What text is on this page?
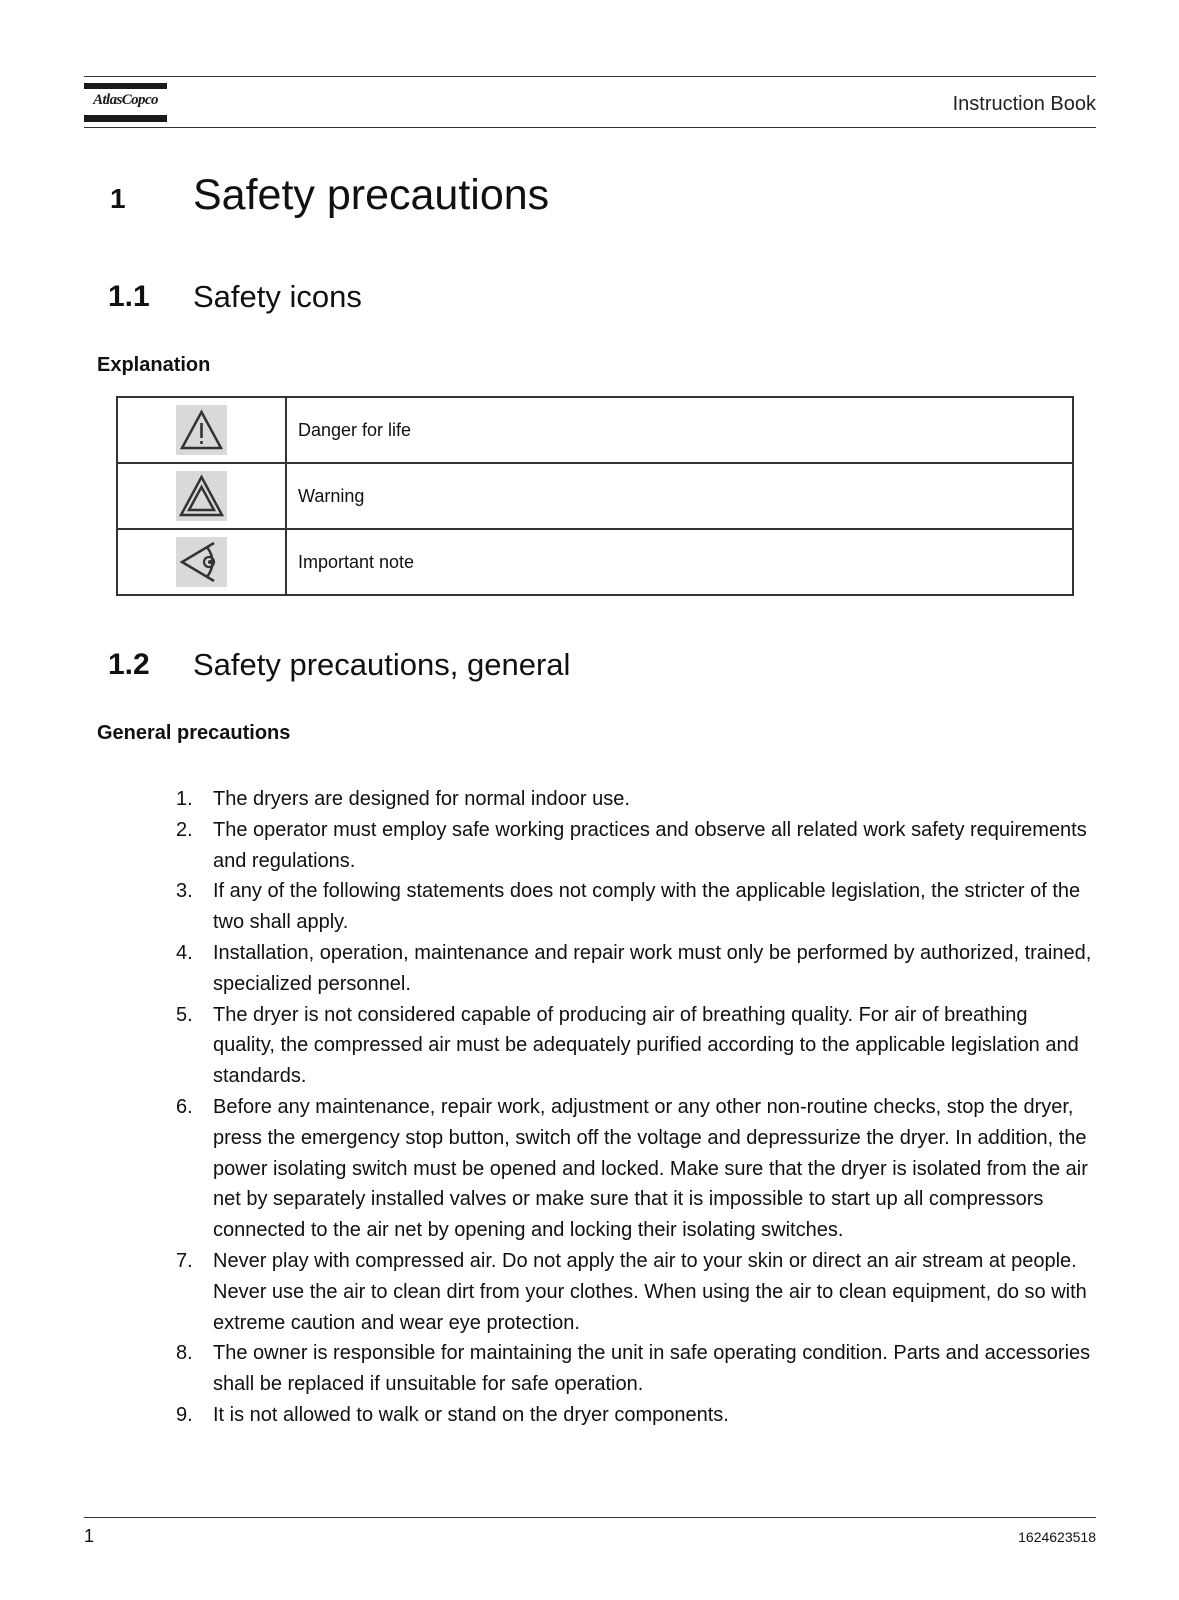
AtlasCopco	Instruction Book
1 Safety precautions
1.1 Safety icons
Explanation
	Danger for life

	Warning

	Important note
1.2 Safety precautions, general
General precautions
1. The dryers are designed for normal indoor use.
2. The operator must employ safe working practices and observe all related work safety requirements and regulations.
3. If any of the following statements does not comply with the applicable legislation, the stricter of the two shall apply.
4. Installation, operation, maintenance and repair work must only be performed by authorized, trained, specialized personnel.
5. The dryer is not considered capable of producing air of breathing quality. For air of breathing quality, the compressed air must be adequately purified according to the applicable legislation and standards.
6. Before any maintenance, repair work, adjustment or any other non-routine checks, stop the dryer, press the emergency stop button, switch off the voltage and depressurize the dryer. In addition, the power isolating switch must be opened and locked. Make sure that the dryer is isolated from the air net by separately installed valves or make sure that it is impossible to start up all compressors connected to the air net by opening and locking their isolating switches.
7. Never play with compressed air. Do not apply the air to your skin or direct an air stream at people. Never use the air to clean dirt from your clothes. When using the air to clean equipment, do so with extreme caution and wear eye protection.
8. The owner is responsible for maintaining the unit in safe operating condition. Parts and accessories shall be replaced if unsuitable for safe operation.
9. It is not allowed to walk or stand on the dryer components.
1	1624623518
